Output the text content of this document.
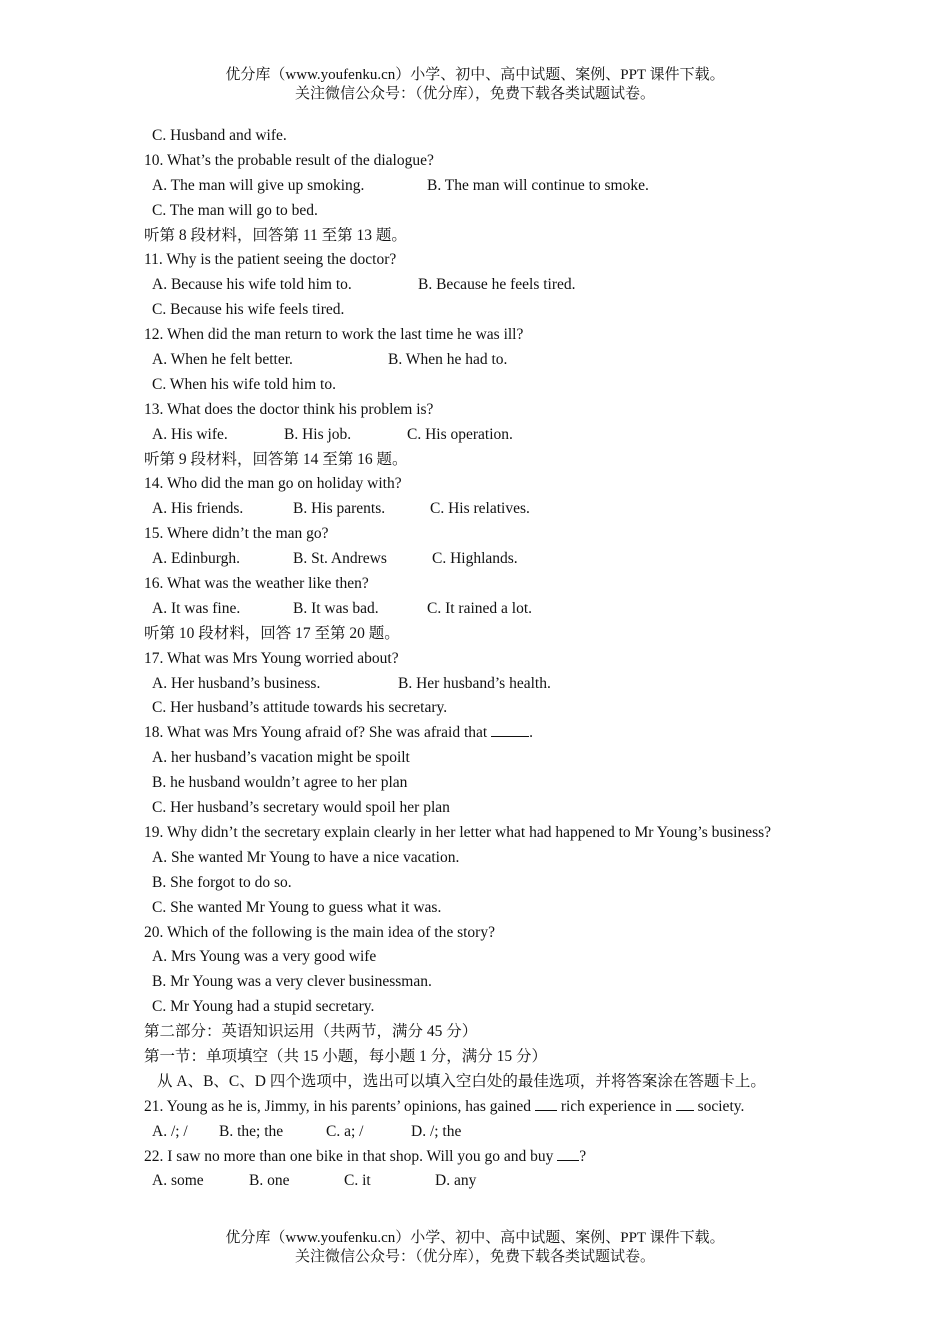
优分库（www.youfenku.cn）小学、初中、高中试题、案例、PPT 课件下载。
关注微信公众号：（优分库），免费下载各类试题试卷。
C. Husband and wife.
10. What’s the probable result of the dialogue?
A. The man will give up smoking.	B. The man will continue to smoke.
C. The man will go to bed.
听第 8 段材料，回答第 11 至第 13 题。
11. Why is the patient seeing the doctor?
A. Because his wife told him to.	B. Because he feels tired.
C. Because his wife feels tired.
12. When did the man return to work the last time he was ill?
A. When he felt better.	B. When he had to.
C. When his wife told him to.
13. What does the doctor think his problem is?
A. His wife.	B. His job.	C. His operation.
听第 9 段材料，回答第 14 至第 16 题。
14. Who did the man go on holiday with?
A. His friends.	B. His parents.	C. His relatives.
15. Where didn’t the man go?
A. Edinburgh.	B. St. Andrews	C. Highlands.
16. What was the weather like then?
A. It was fine.	B. It was bad.	C. It rained a lot.
听第 10 段材料，回答 17 至第 20 题。
17. What was Mrs Young worried about?
A. Her husband’s business.	B. Her husband’s health.
C. Her husband’s attitude towards his secretary.
18. What was Mrs Young afraid of? She was afraid that	.
A. her husband’s vacation might be spoilt
B. he husband wouldn’t agree to her plan
C. Her husband’s secretary would spoil her plan
19. Why didn’t the secretary explain clearly in her letter what had happened to Mr Young’s business?
A. She wanted Mr Young to have a nice vacation.
B. She forgot to do so.
C. She wanted Mr Young to guess what it was.
20. Which of the following is the main idea of the story?
A. Mrs Young was a very good wife
B. Mr Young was a very clever businessman.
C. Mr Young had a stupid secretary.
第二部分：英语知识运用（共两节，满分 45 分）
第一节：单项填空（共 15 小题，每小题 1 分，满分 15 分）
从 A、B、C、D 四个选项中，选出可以填入空白处的最佳选项，并将答案涂在答题卡上。
21. Young as he is, Jimmy, in his parents’ opinions, has gained rich experience in society.
A. /; / B. the; the	C. a; /	D. /; the
22. I saw no more than one bike in that shop. Will you go and buy ?
A. some	B. one	C. it	D. any
优分库（www.youfenku.cn）小学、初中、高中试题、案例、PPT 课件下载。
关注微信公众号：（优分库），免费下载各类试题试卷。
